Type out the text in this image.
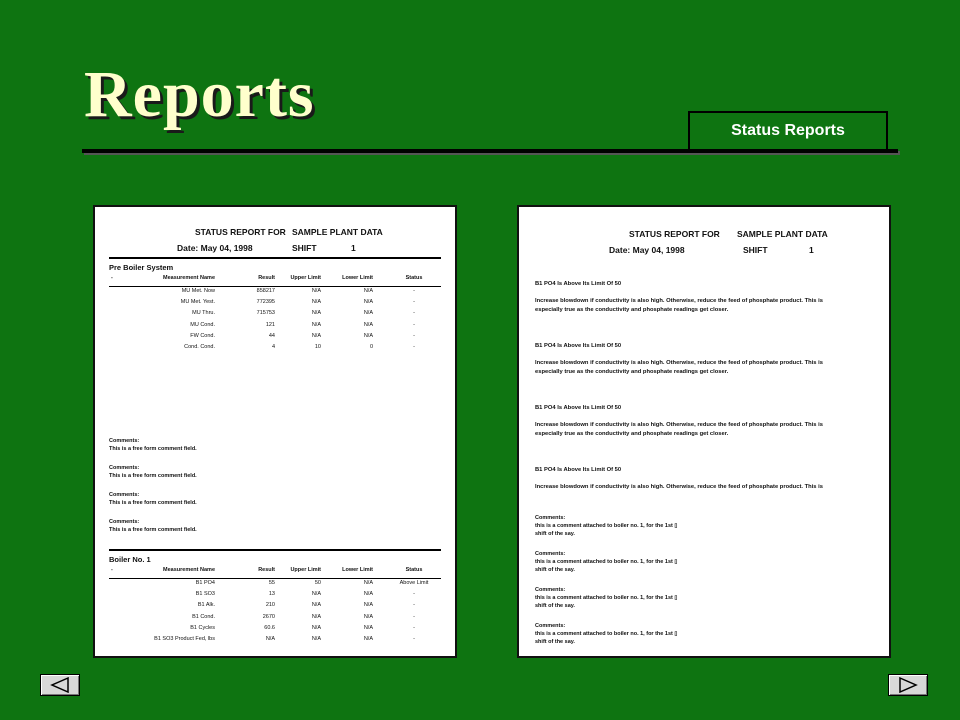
Reports	Status Reports
STATUS REPORT FOR SAMPLE PLANT DATA
Date: May 04, 1998	SHIFT	1
Pre Boiler System
-	Measurement Name	Result	Upper Limit	Lower Limit	Status
MU Met. Now	858217	N/A	N/A	-
MU Met. Yest.	772395	N/A	N/A	-
MU Thru.	715753	N/A	N/A	-
MU Cond.	121	N/A	N/A	-
FW Cond.	44	N/A	N/A	-
Cond. Cond.	4	10	0	-
Comments:
This is a free form comment field.
Comments:
This is a free form comment field.
Comments:
This is a free form comment field.
Comments:
This is a free form comment field.
Boiler No. 1
-	Measurement Name	Result	Upper Limit	Lower Limit	Status
B1 PO4	55	50	N/A	Above Limit
B1 SO3	13	N/A	N/A	-
B1 Alk.	210	N/A	N/A	-
B1 Cond.	2670	N/A	N/A	-
B1 Cycles	60.6	N/A	N/A	-
B1 SO3 Product Fed, lbs	N/A	N/A	N/A	-
STATUS REPORT FOR SAMPLE PLANT DATA
Date: May 04, 1998	SHIFT	1
B1 PO4 Is Above Its Limit Of 50
Increase blowdown if conductivity is also high. Otherwise, reduce the feed of phosphate product. This is
especially true as the conductivity and phosphate readings get closer.
B1 PO4 Is Above Its Limit Of 50
Increase blowdown if conductivity is also high. Otherwise, reduce the feed of phosphate product. This is
especially true as the conductivity and phosphate readings get closer.
B1 PO4 Is Above Its Limit Of 50
Increase blowdown if conductivity is also high. Otherwise, reduce the feed of phosphate product. This is
especially true as the conductivity and phosphate readings get closer.
B1 PO4 Is Above Its Limit Of 50
Increase blowdown if conductivity is also high. Otherwise, reduce the feed of phosphate product. This is
Comments:
this is a comment attached to boiler no. 1, for the 1st ▯
shift of the say.
Comments:
this is a comment attached to boiler no. 1, for the 1st ▯
shift of the say.
Comments:
this is a comment attached to boiler no. 1, for the 1st ▯
shift of the say.
Comments:
this is a comment attached to boiler no. 1, for the 1st ▯
shift of the say.
